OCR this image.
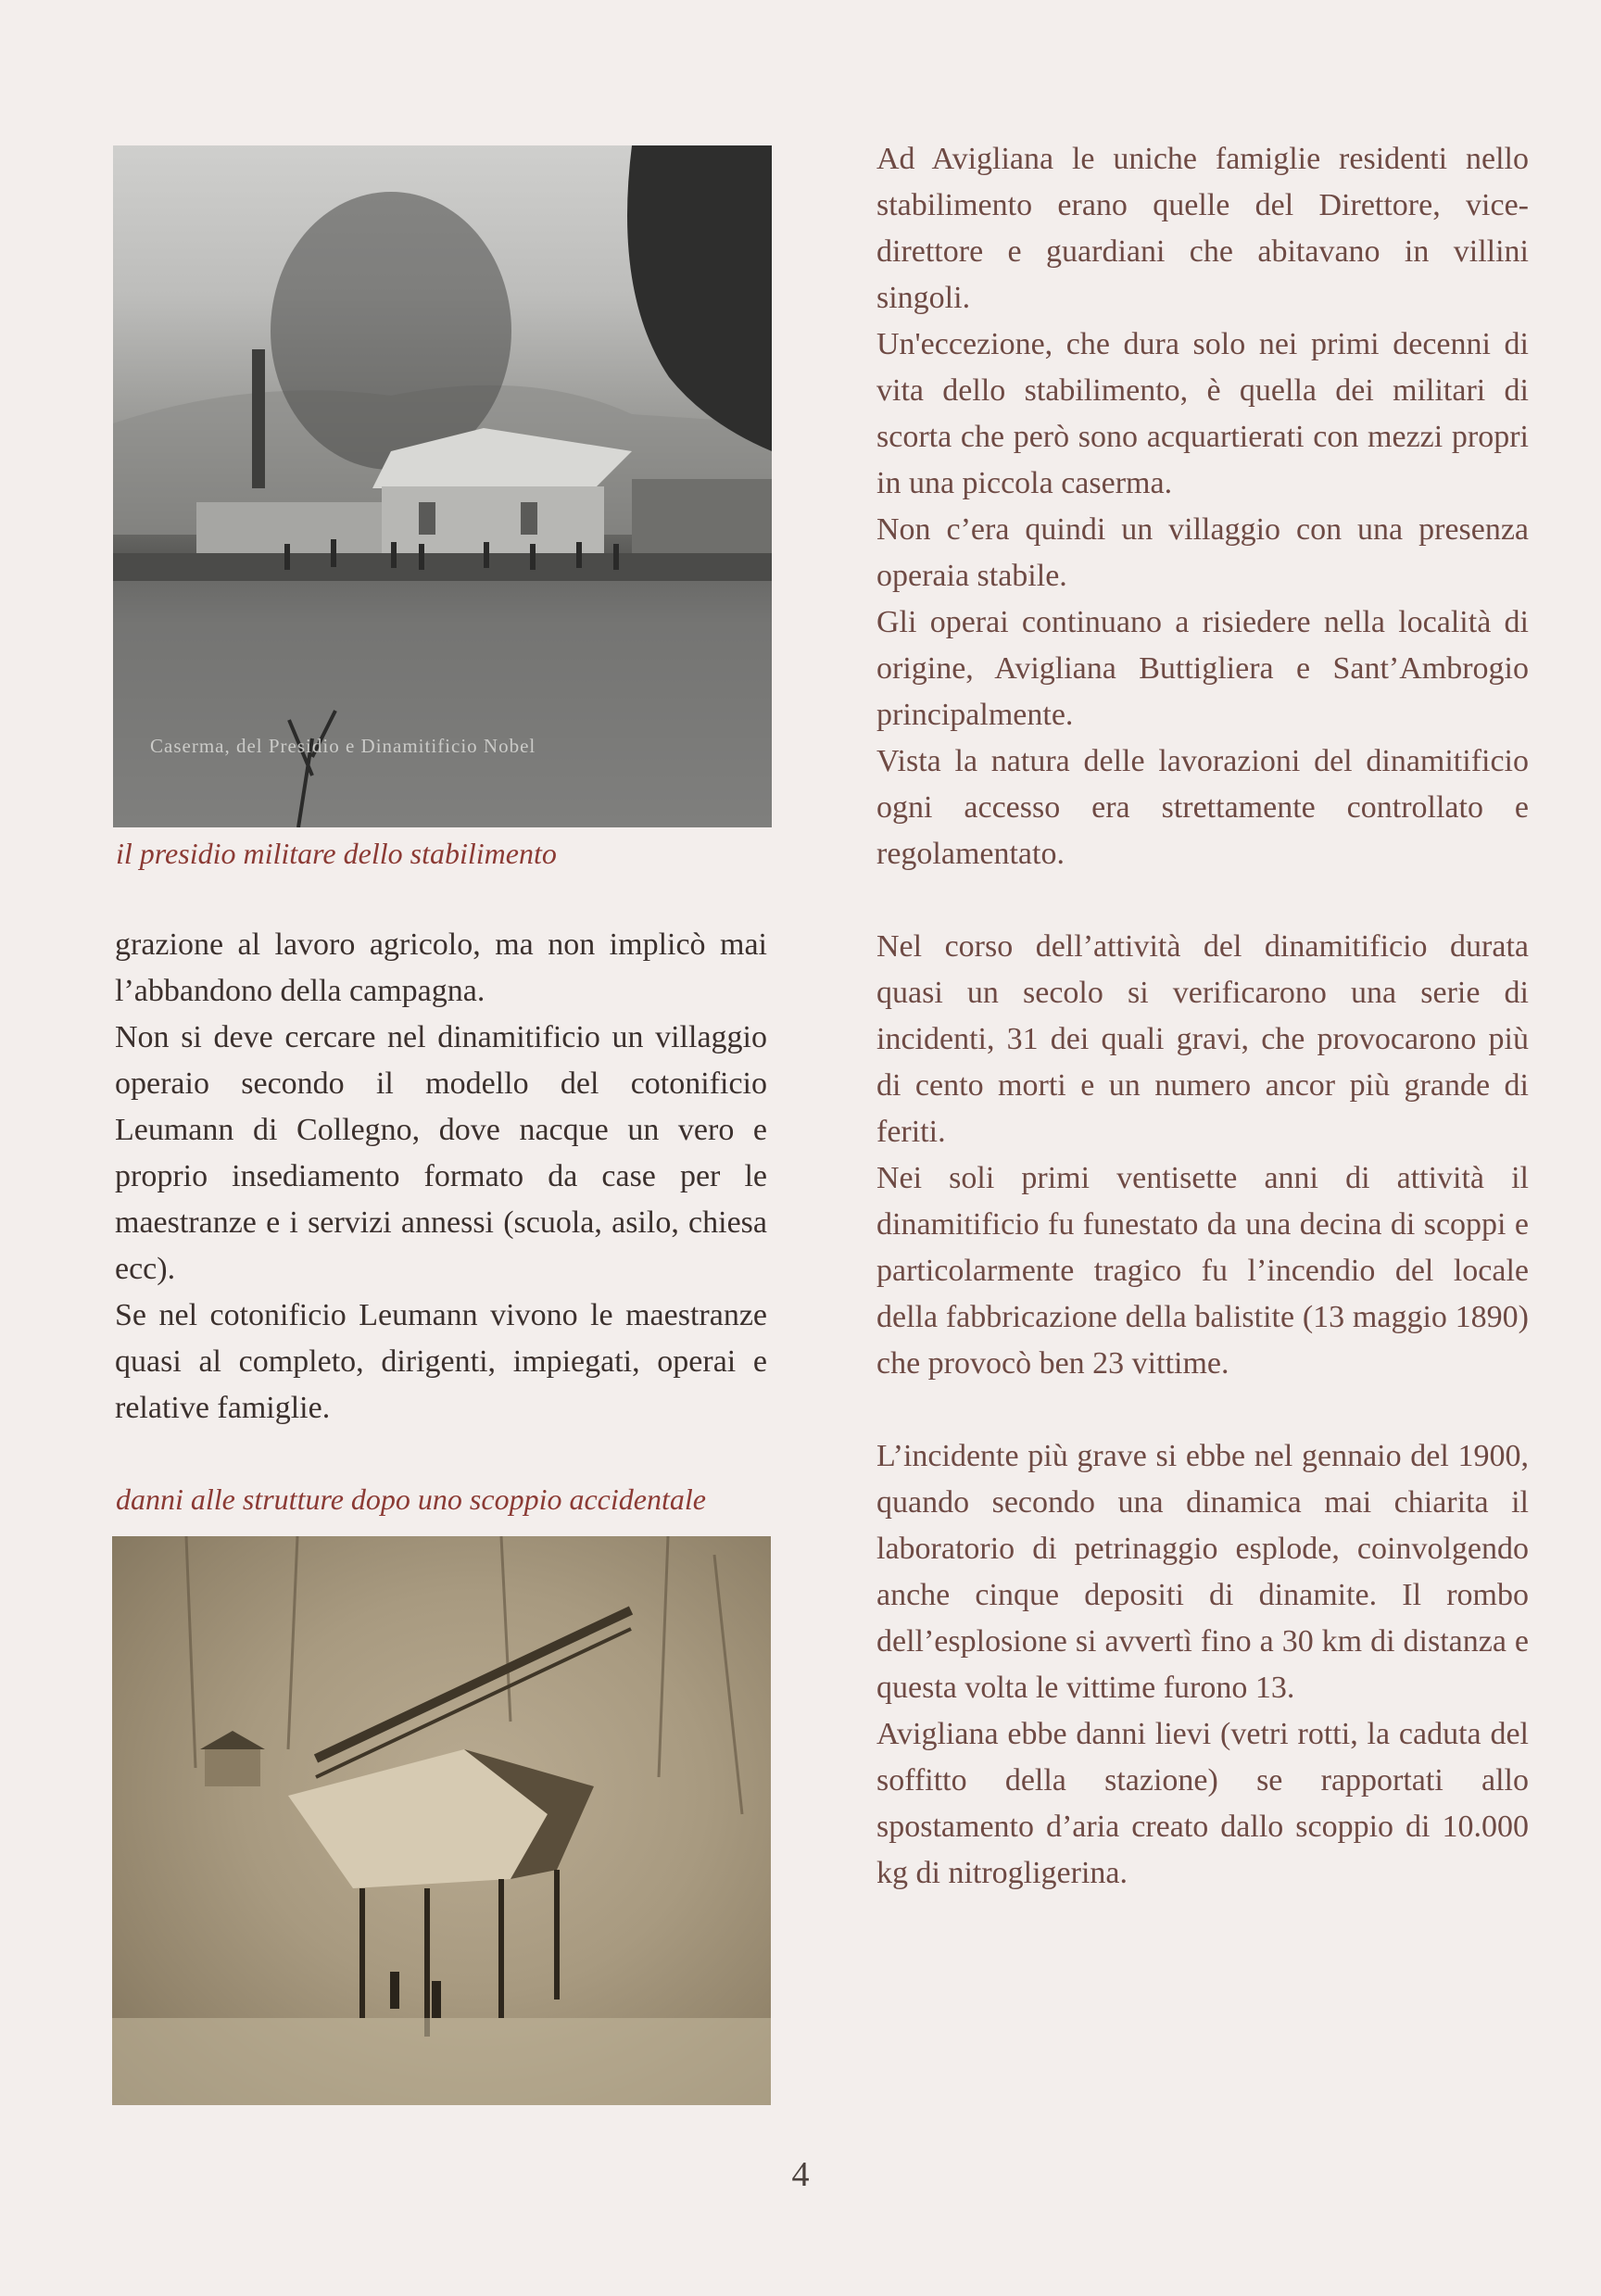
Caserma, del Presidio e Dinamitificio Nobel
il presidio militare dello stabilimento

grazione al lavoro agricolo, ma non implicò mai l’abbandono della campagna.

Non si deve cercare nel dinamitificio un villaggio operaio secondo il modello del cotonificio Leumann di Collegno, dove nacque un vero e proprio insediamento formato da case per le maestranze e i servizi annessi (scuola, asilo, chiesa ecc).

Se nel cotonificio Leumann vivono le maestranze quasi al completo, dirigenti, impiegati, operai e relative famiglie.

danni alle strutture dopo uno scoppio accidentale

Ad Avigliana le uniche famiglie residenti nello stabilimento erano quelle del Direttore, vice-direttore e guardiani che abitavano in villini singoli.

Un'eccezione, che dura solo nei primi decenni di vita dello stabilimento, è quella dei militari di scorta che però sono acquartierati con mezzi propri in una piccola caserma.

Non c’era quindi un villaggio con una presenza operaia stabile.

Gli operai continuano a risiedere nella località di origine, Avigliana Buttigliera e Sant’Ambrogio principalmente.

Vista la natura delle lavorazioni del dinamitificio ogni accesso era strettamente controllato e regolamentato.

Nel corso dell’attività del dinamitificio durata quasi un secolo si verificarono una serie di incidenti, 31 dei quali gravi, che provocarono più di cento morti e un numero ancor più grande di feriti.

Nei soli primi ventisette anni di attività il dinamitificio fu funestato da una decina di scoppi e particolarmente tragico fu l’incendio del locale della fabbricazione della balistite (13 maggio 1890) che provocò ben 23 vittime.

L’incidente più grave si ebbe nel gennaio del 1900, quando secondo una dinamica mai chiarita il laboratorio di petrinaggio esplode, coinvolgendo anche cinque depositi di dinamite. Il rombo dell’esplosione si avvertì fino a 30 km di distanza e questa volta le vittime furono 13.

Avigliana ebbe danni lievi (vetri rotti, la caduta del soffitto della stazione) se rapportati allo spostamento d’aria creato dallo scoppio di 10.000 kg di nitrogligerina.

4
